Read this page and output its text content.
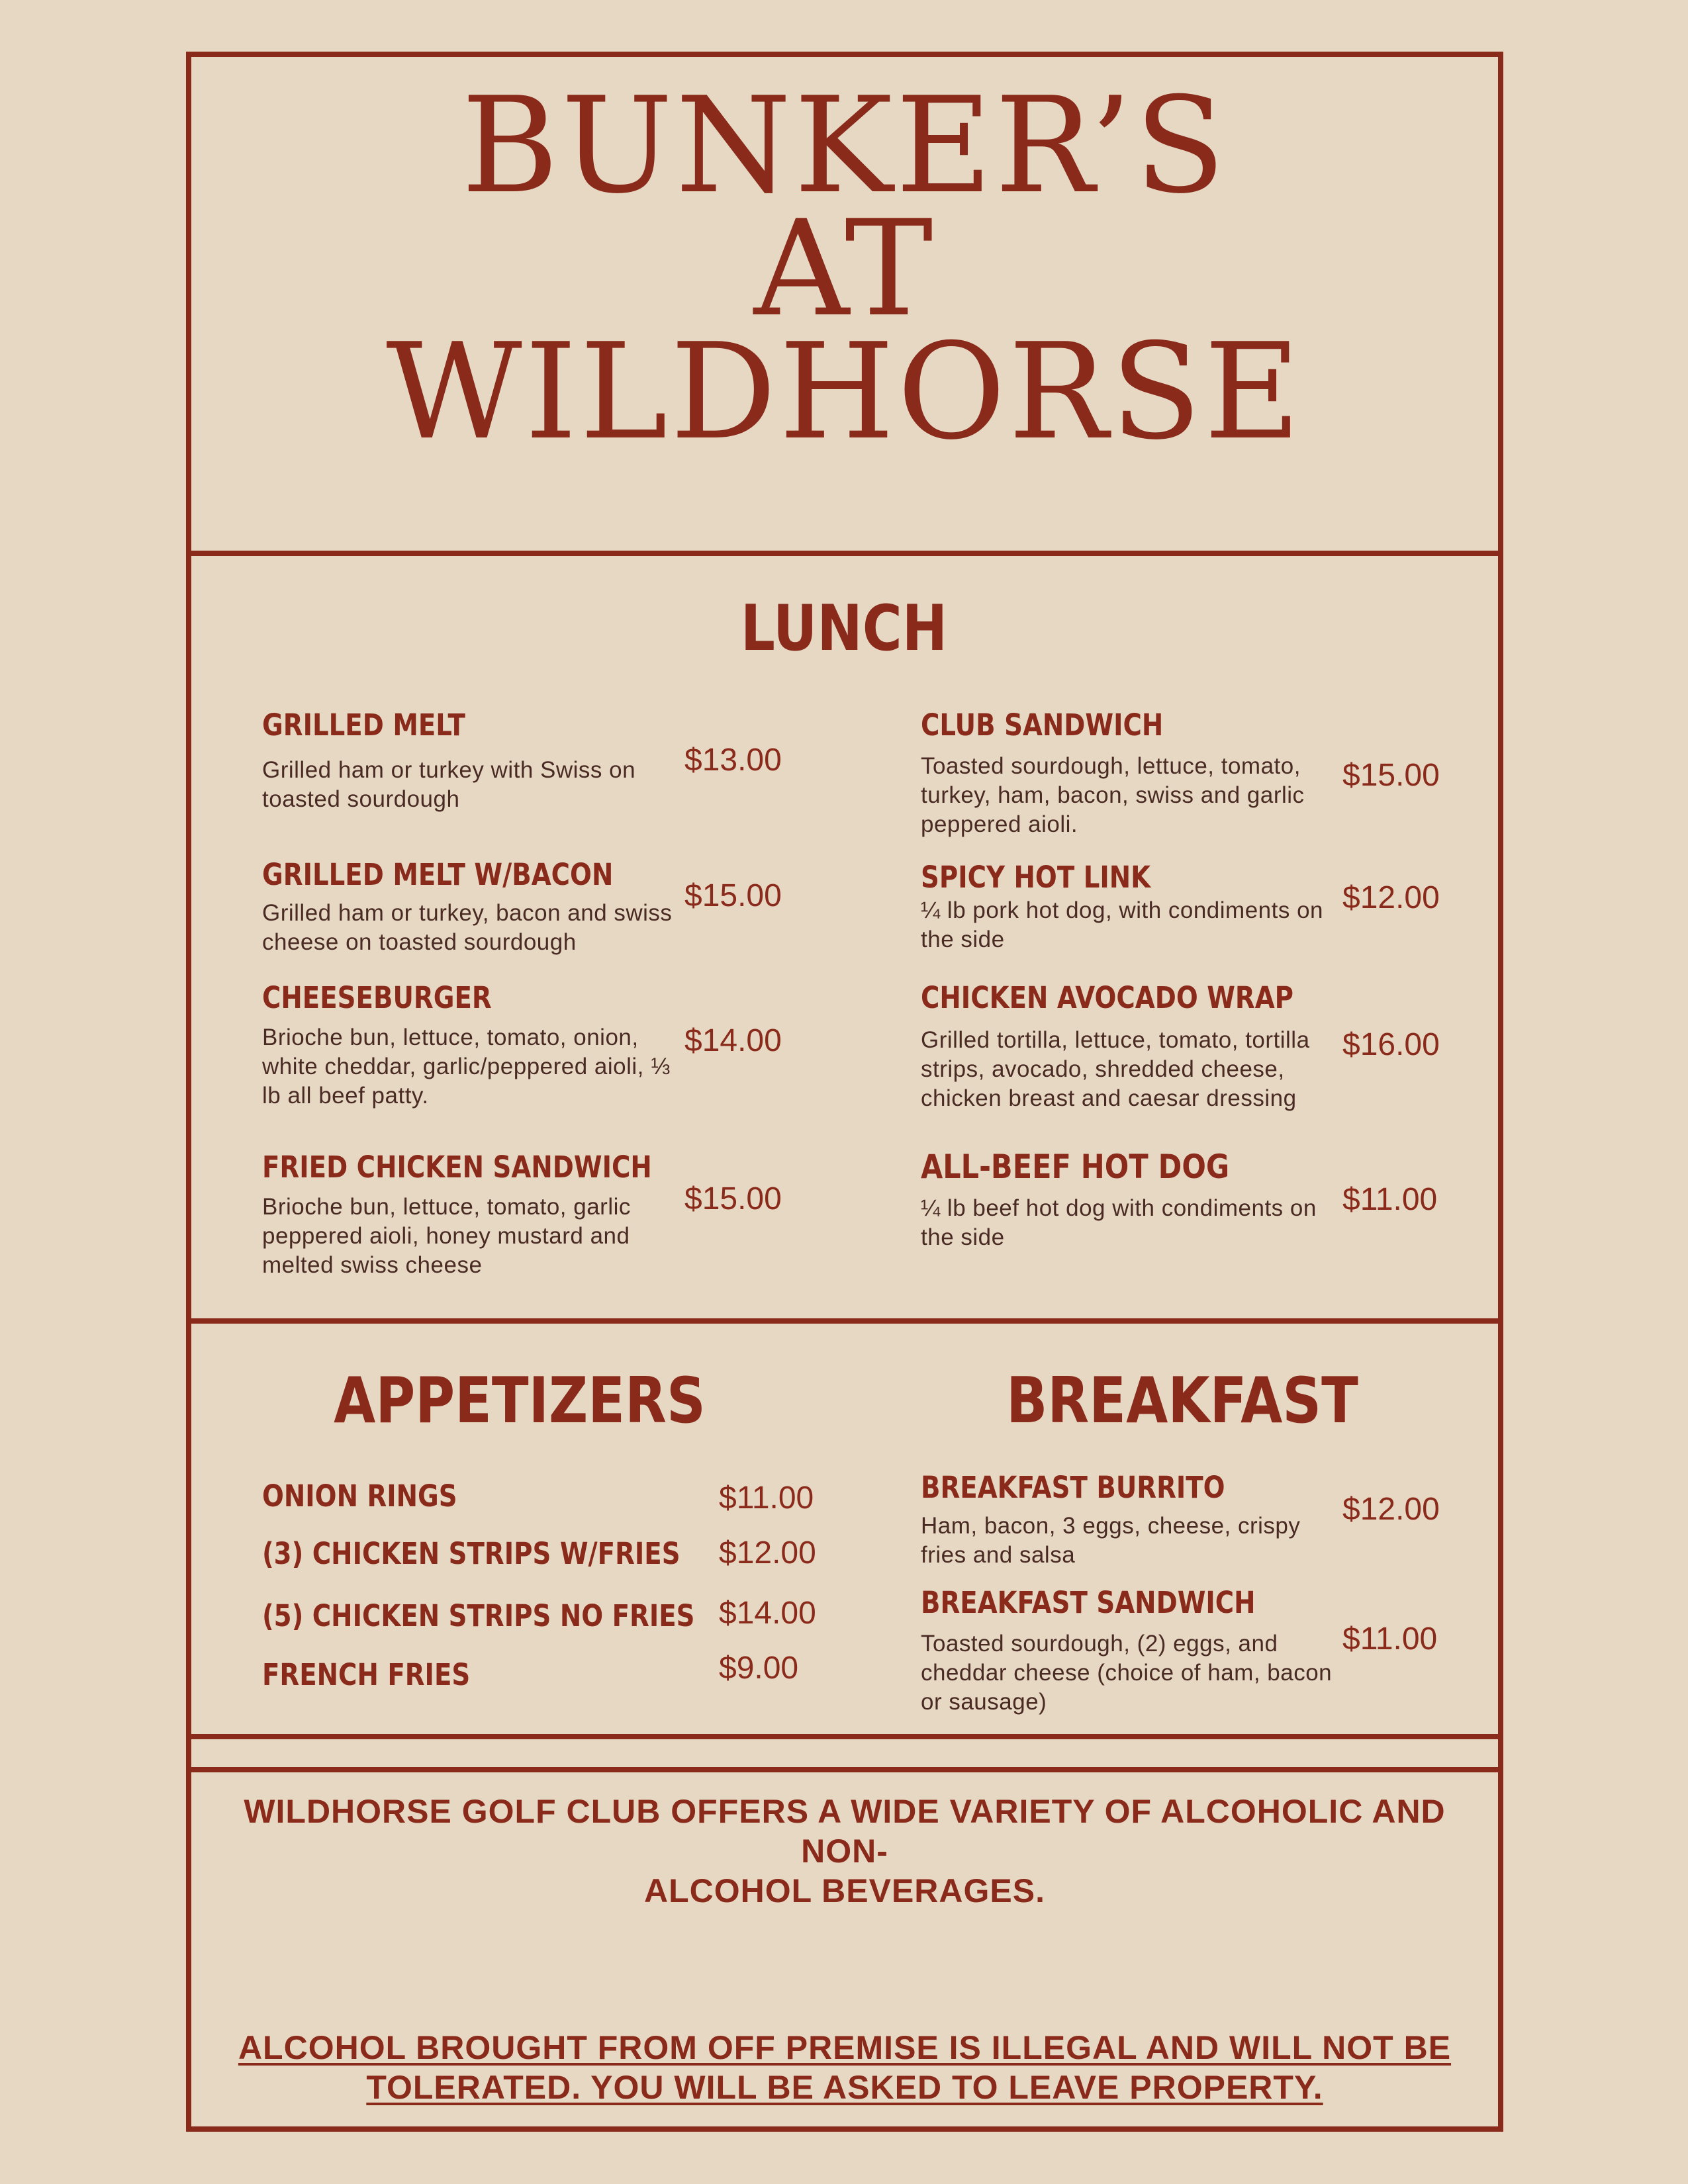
BUNKER’S
AT
WILDHORSE
LUNCH
GRILLED MELT
Grilled ham or turkey with Swiss on toasted sourdough
$13.00
GRILLED MELT W/BACON
Grilled ham or turkey, bacon and swiss cheese on toasted sourdough
$15.00
CHEESEBURGER
Brioche bun, lettuce, tomato, onion, white cheddar, garlic/peppered aioli, ⅓ lb all beef patty.
$14.00
FRIED CHICKEN SANDWICH
Brioche bun, lettuce, tomato, garlic peppered aioli, honey mustard and melted swiss cheese
$15.00
CLUB SANDWICH
Toasted sourdough, lettuce, tomato, turkey, ham, bacon, swiss and garlic peppered aioli.
$15.00
SPICY HOT LINK
¼ lb pork hot dog, with condiments on the side
$12.00
CHICKEN AVOCADO WRAP
Grilled tortilla, lettuce, tomato, tortilla strips, avocado, shredded cheese, chicken breast and caesar dressing
$16.00
ALL-BEEF HOT DOG
¼ lb beef hot dog with condiments on the side
$11.00
APPETIZERS
ONION RINGS	$11.00
(3) CHICKEN STRIPS W/FRIES $12.00
(5) CHICKEN STRIPS NO FRIES $14.00
FRENCH FRIES	$9.00
BREAKFAST
BREAKFAST BURRITO
Ham, bacon, 3 eggs, cheese, crispy fries and salsa
$12.00
BREAKFAST SANDWICH
Toasted sourdough, (2) eggs, and cheddar cheese (choice of ham, bacon or sausage)
$11.00
WILDHORSE GOLF CLUB OFFERS A WIDE VARIETY OF ALCOHOLIC AND NON-
ALCOHOL BEVERAGES.
ALCOHOL BROUGHT FROM OFF PREMISE IS ILLEGAL AND WILL NOT BE
TOLERATED. YOU WILL BE ASKED TO LEAVE PROPERTY.
